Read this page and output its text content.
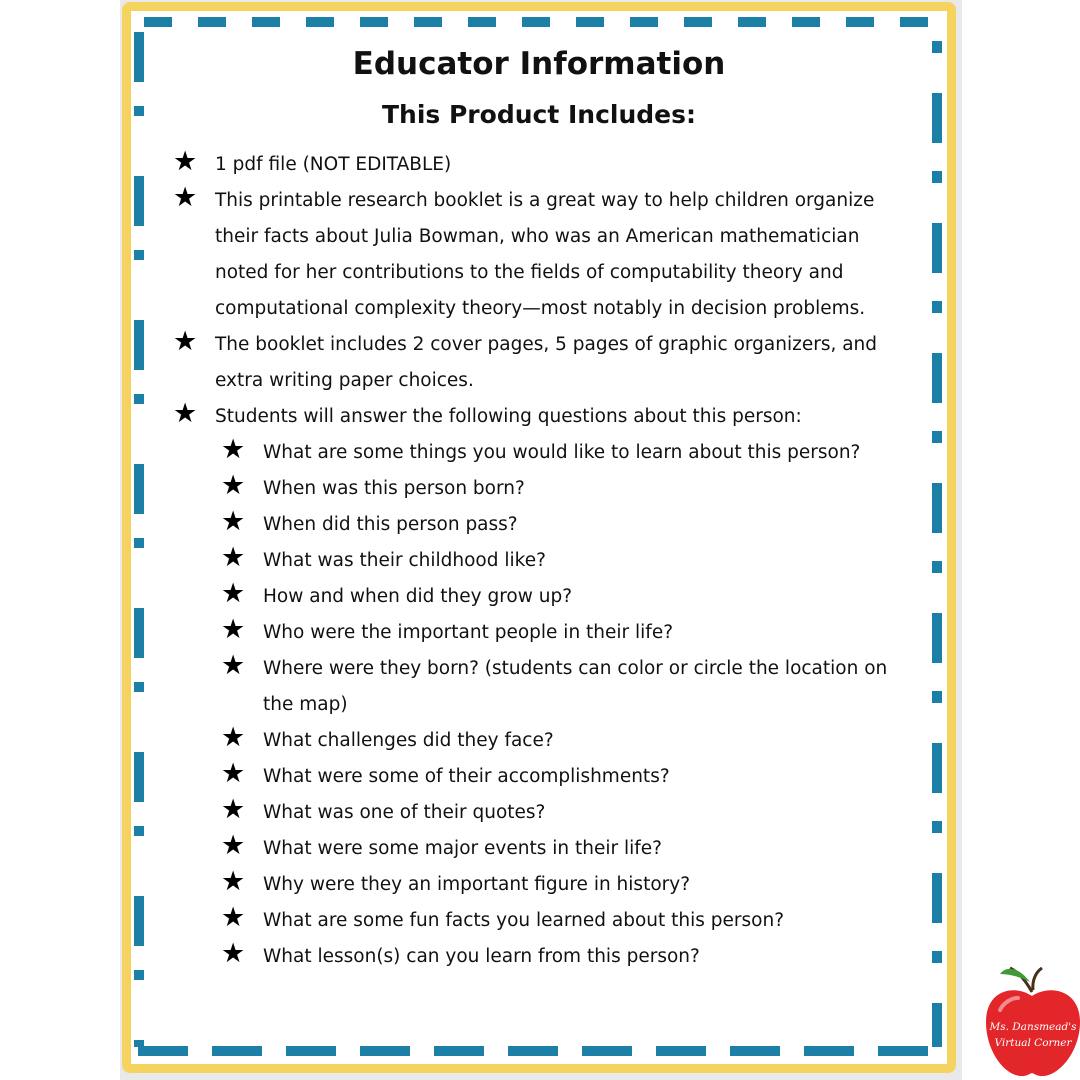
Educator Information
This Product Includes:
★ 1 pdf file (NOT EDITABLE)
★ This printable research booklet is a great way to help children organize their facts about Julia Bowman, who was an American mathematician noted for her contributions to the fields of computability theory and computational complexity theory—most notably in decision problems.
★ The booklet includes 2 cover pages, 5 pages of graphic organizers, and extra writing paper choices.
★ Students will answer the following questions about this person:
★ What are some things you would like to learn about this person?
★ When was this person born?
★ When did this person pass?
★ What was their childhood like?
★ How and when did they grow up?
★ Who were the important people in their life?
★ Where were they born? (students can color or circle the location on the map)
★ What challenges did they face?
★ What were some of their accomplishments?
★ What was one of their quotes?
★ What were some major events in their life?
★ Why were they an important figure in history?
★ What are some fun facts you learned about this person?
★ What lesson(s) can you learn from this person?
Ms. Dansmead's
Virtual Corner
